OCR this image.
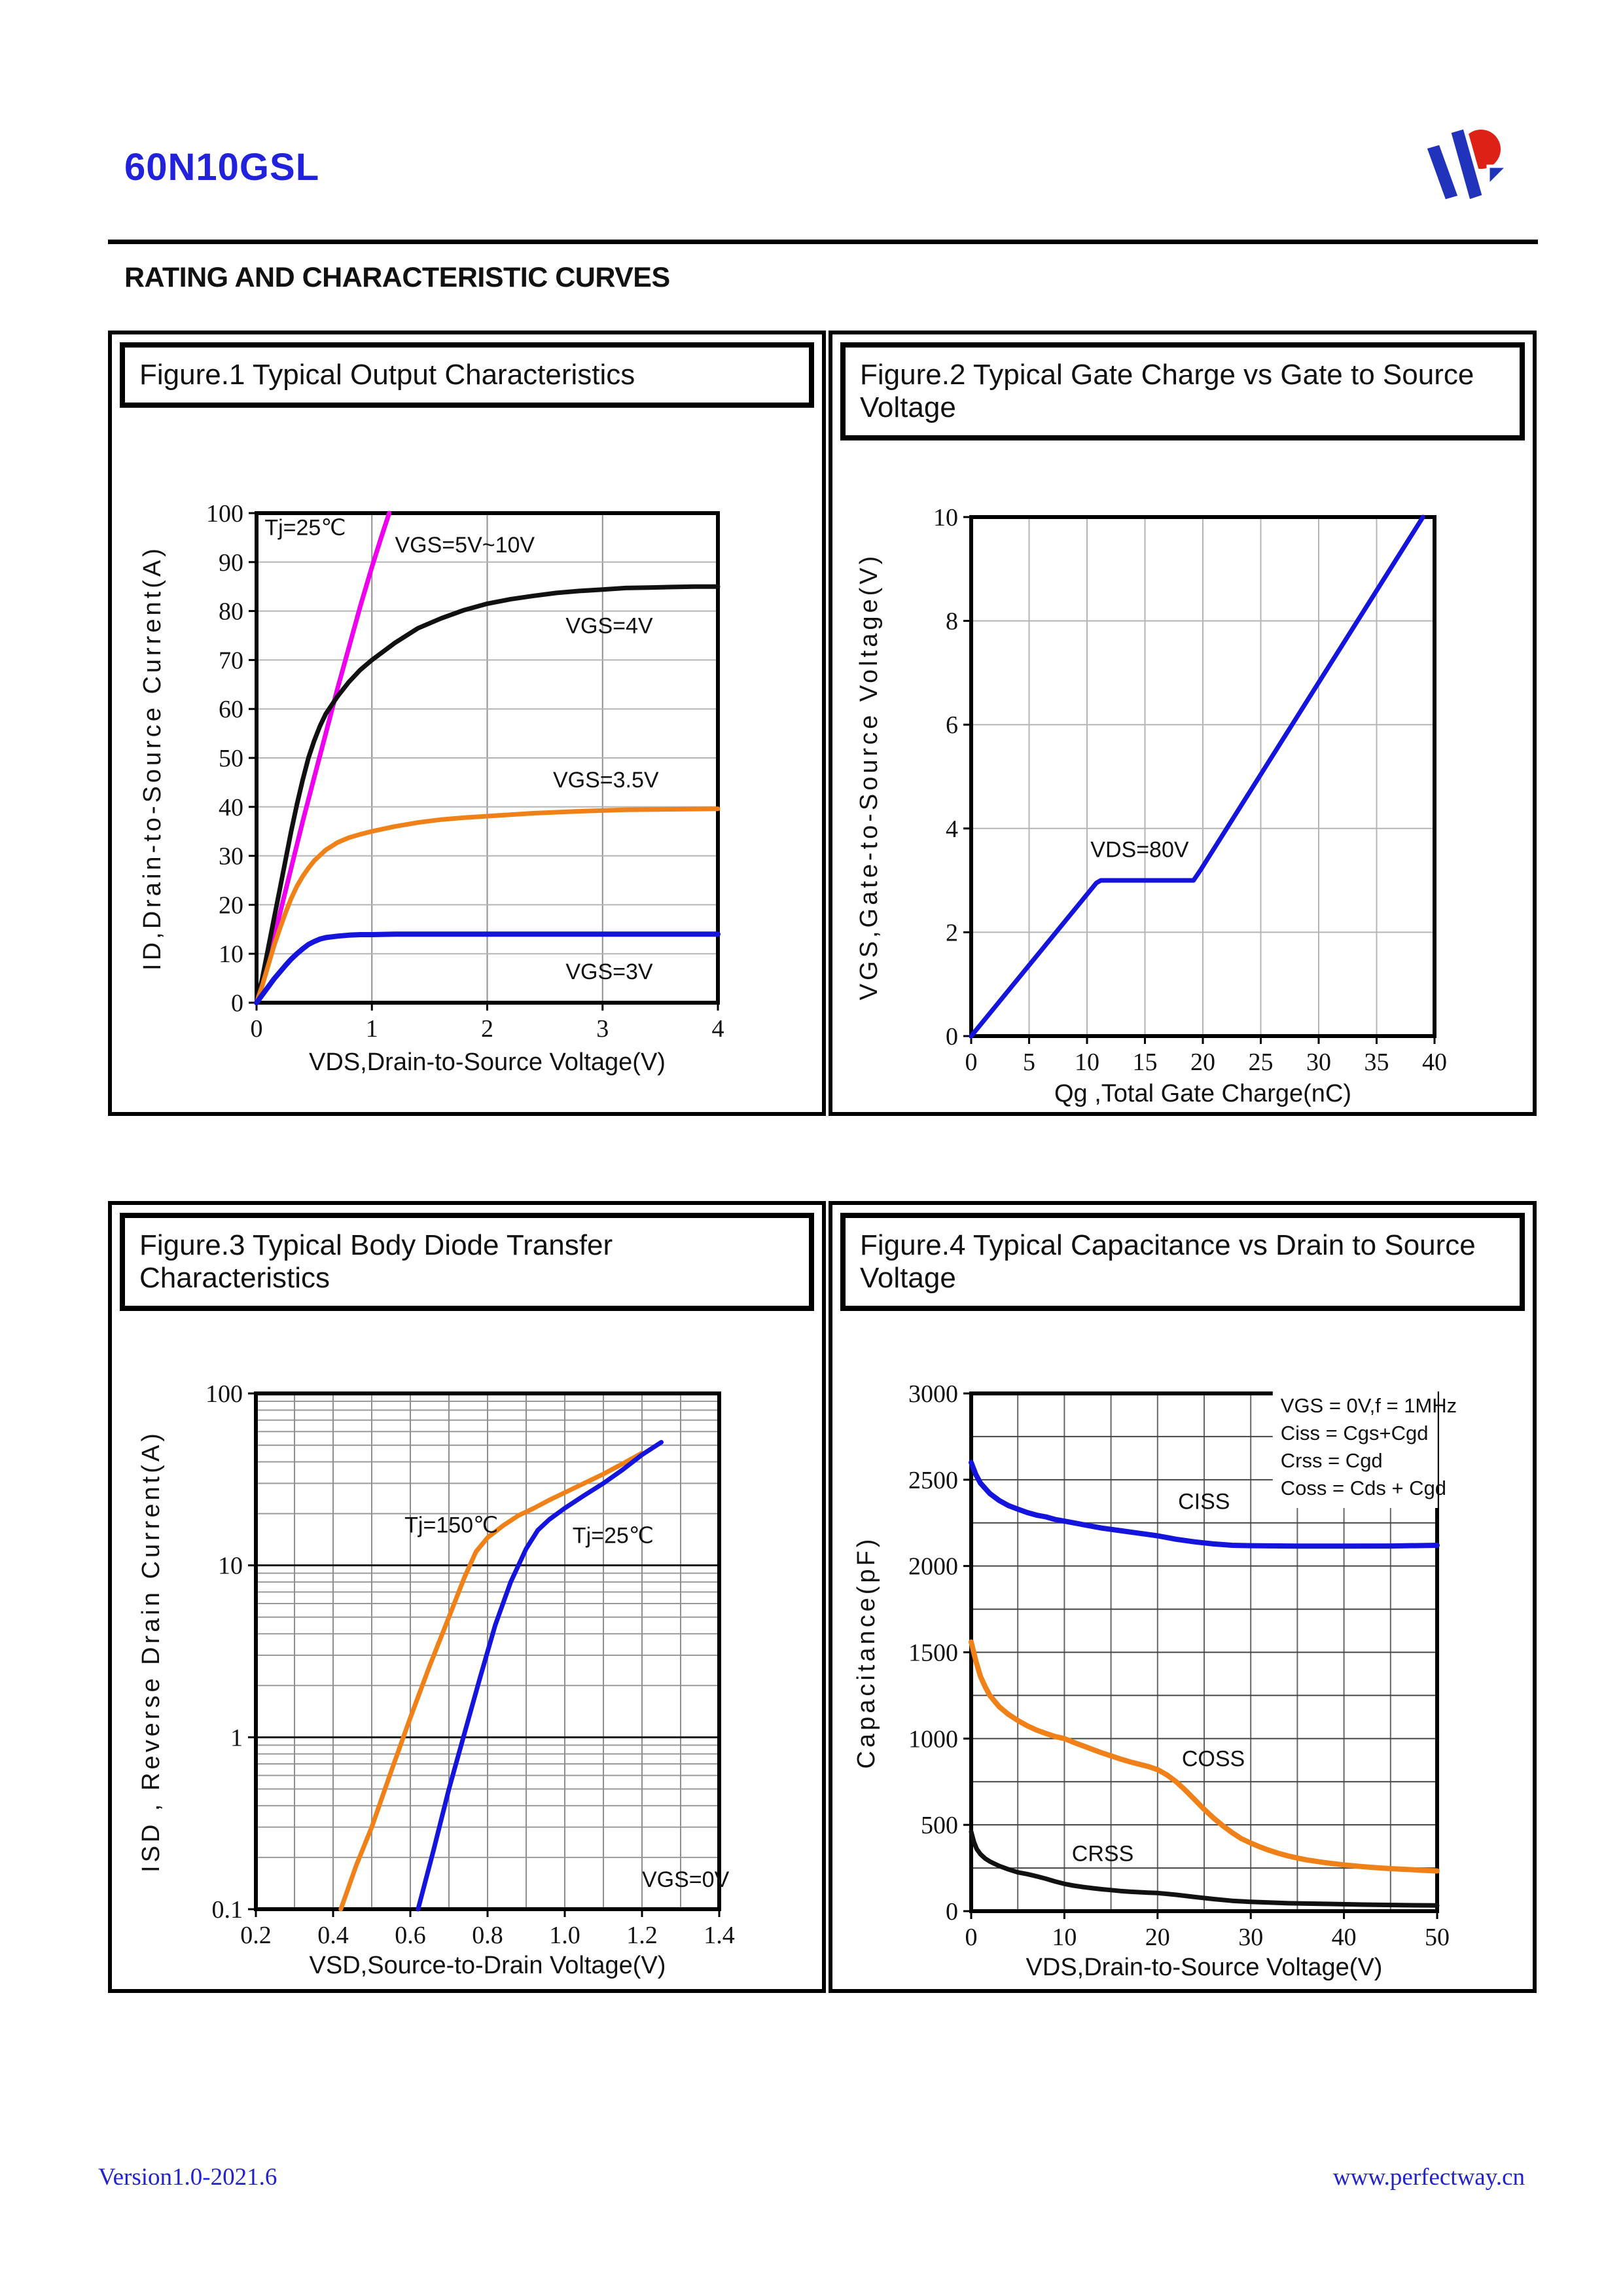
60N10GSL
RATING AND CHARACTERISTIC CURVES
Figure.1 Typical Output Characteristics
0	1	2	3	4
0
10
20
30
40
50
60
70
80
90
100
Tj=25℃
VGS=5V~10V
VGS=4V
VGS=3.5V
VGS=3V
VDS,Drain-to-Source Voltage(V)
ID,Drain-to-Source Current(A)
Figure.2 Typical Gate Charge vs Gate to Source Voltage
0 5 10 15 20 25 30 35 40
0
2
4
6
8
10
VDS=80V
Qg ,Total Gate Charge(nC)
VGS,Gate-to-Source Voltage(V)
Figure.3 Typical Body Diode Transfer Characteristics
0.2 0.4 0.6 0.8 1.0 1.2 1.4
0.1
1
10
100
Tj=150℃	Tj=25℃
VGS=0V
VSD,Source-to-Drain Voltage(V)
ISD , Reverse Drain Current(A)
Figure.4 Typical Capacitance vs Drain to Source Voltage
0	10	20	30	40	50
0
500
1000
1500
2000
2500
3000	VGS = 0V,f = 1MHz
Ciss = Cgs+Cgd
Crss = Cgd
Coss = Cds + Cgd
CISS
COSS
CRSS
VDS,Drain-to-Source Voltage(V)
Capacitance(pF)
Version1.0-2021.6	www.perfectway.cn
